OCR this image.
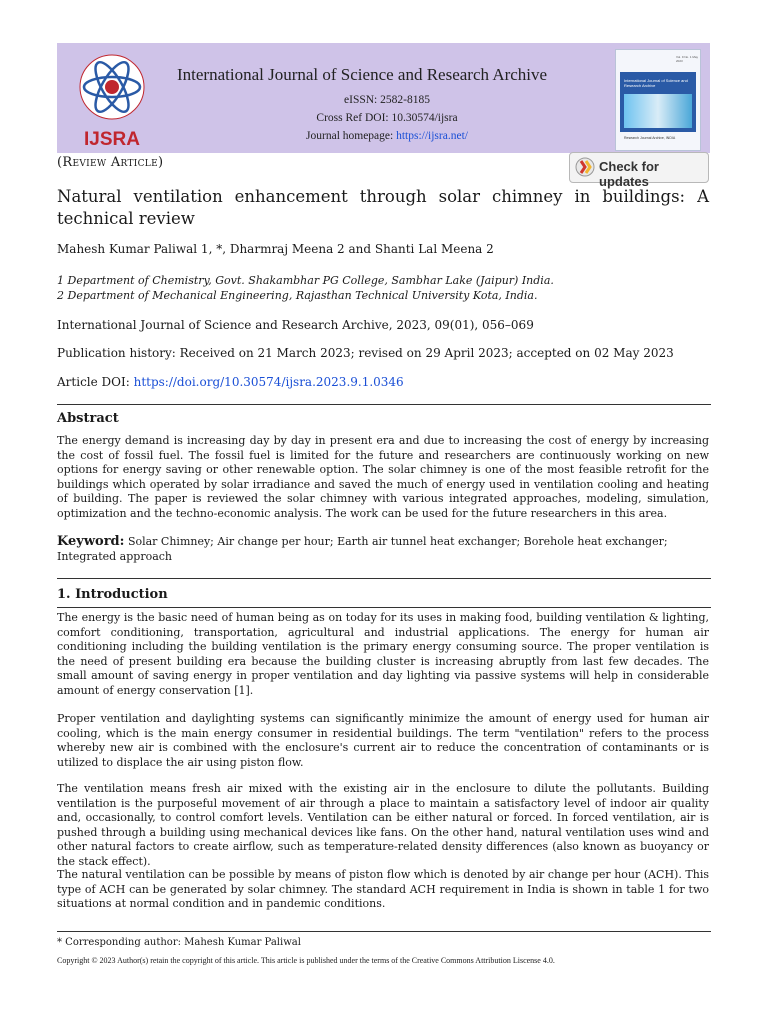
IJSRA
International Journal of Science and Research Archive
eISSN: 2582-8185
Cross Ref DOI: 10.30574/ijsra
Journal homepage: https://ijsra.net/
Vol. 9 No. 1 May 2023
International Journal of Science and Research Archive
Research Journal Archive, INDIA
(Review Article)	Check for updates
Natural ventilation enhancement through solar chimney in buildings: A technical review
Mahesh Kumar Paliwal 1, *, Dharmraj Meena 2 and Shanti Lal Meena 2
1 Department of Chemistry, Govt. Shakambhar PG College, Sambhar Lake (Jaipur) India.
2 Department of Mechanical Engineering, Rajasthan Technical University Kota, India.
International Journal of Science and Research Archive, 2023, 09(01), 056–069
Publication history: Received on 21 March 2023; revised on 29 April 2023; accepted on 02 May 2023
Article DOI: https://doi.org/10.30574/ijsra.2023.9.1.0346
Abstract
The energy demand is increasing day by day in present era and due to increasing the cost of energy by increasing the cost of fossil fuel. The fossil fuel is limited for the future and researchers are continuously working on new options for energy saving or other renewable option. The solar chimney is one of the most feasible retrofit for the buildings which operated by solar irradiance and saved the much of energy used in ventilation cooling and heating of building. The paper is reviewed the solar chimney with various integrated approaches, modeling, simulation, optimization and the techno-economic analysis. The work can be used for the future researchers in this area.
Keyword: Solar Chimney; Air change per hour; Earth air tunnel heat exchanger; Borehole heat exchanger; Integrated approach
1. Introduction
The energy is the basic need of human being as on today for its uses in making food, building ventilation & lighting, comfort conditioning, transportation, agricultural and industrial applications. The energy for human air conditioning including the building ventilation is the primary energy consuming source. The proper ventilation is the need of present building era because the building cluster is increasing abruptly from last few decades. The small amount of saving energy in proper ventilation and day lighting via passive systems will help in considerable amount of energy conservation [1].
Proper ventilation and daylighting systems can significantly minimize the amount of energy used for human air cooling, which is the main energy consumer in residential buildings. The term "ventilation" refers to the process whereby new air is combined with the enclosure's current air to reduce the concentration of contaminants or is utilized to displace the air using piston flow.
The ventilation means fresh air mixed with the existing air in the enclosure to dilute the pollutants. Building ventilation is the purposeful movement of air through a place to maintain a satisfactory level of indoor air quality and, occasionally, to control comfort levels. Ventilation can be either natural or forced. In forced ventilation, air is pushed through a building using mechanical devices like fans. On the other hand, natural ventilation uses wind and other natural factors to create airflow, such as temperature-related density differences (also known as buoyancy or the stack effect).
The natural ventilation can be possible by means of piston flow which is denoted by air change per hour (ACH). This type of ACH can be generated by solar chimney. The standard ACH requirement in India is shown in table 1 for two situations at normal condition and in pandemic conditions.
* Corresponding author: Mahesh Kumar Paliwal
Copyright © 2023 Author(s) retain the copyright of this article. This article is published under the terms of the Creative Commons Attribution Liscense 4.0.
